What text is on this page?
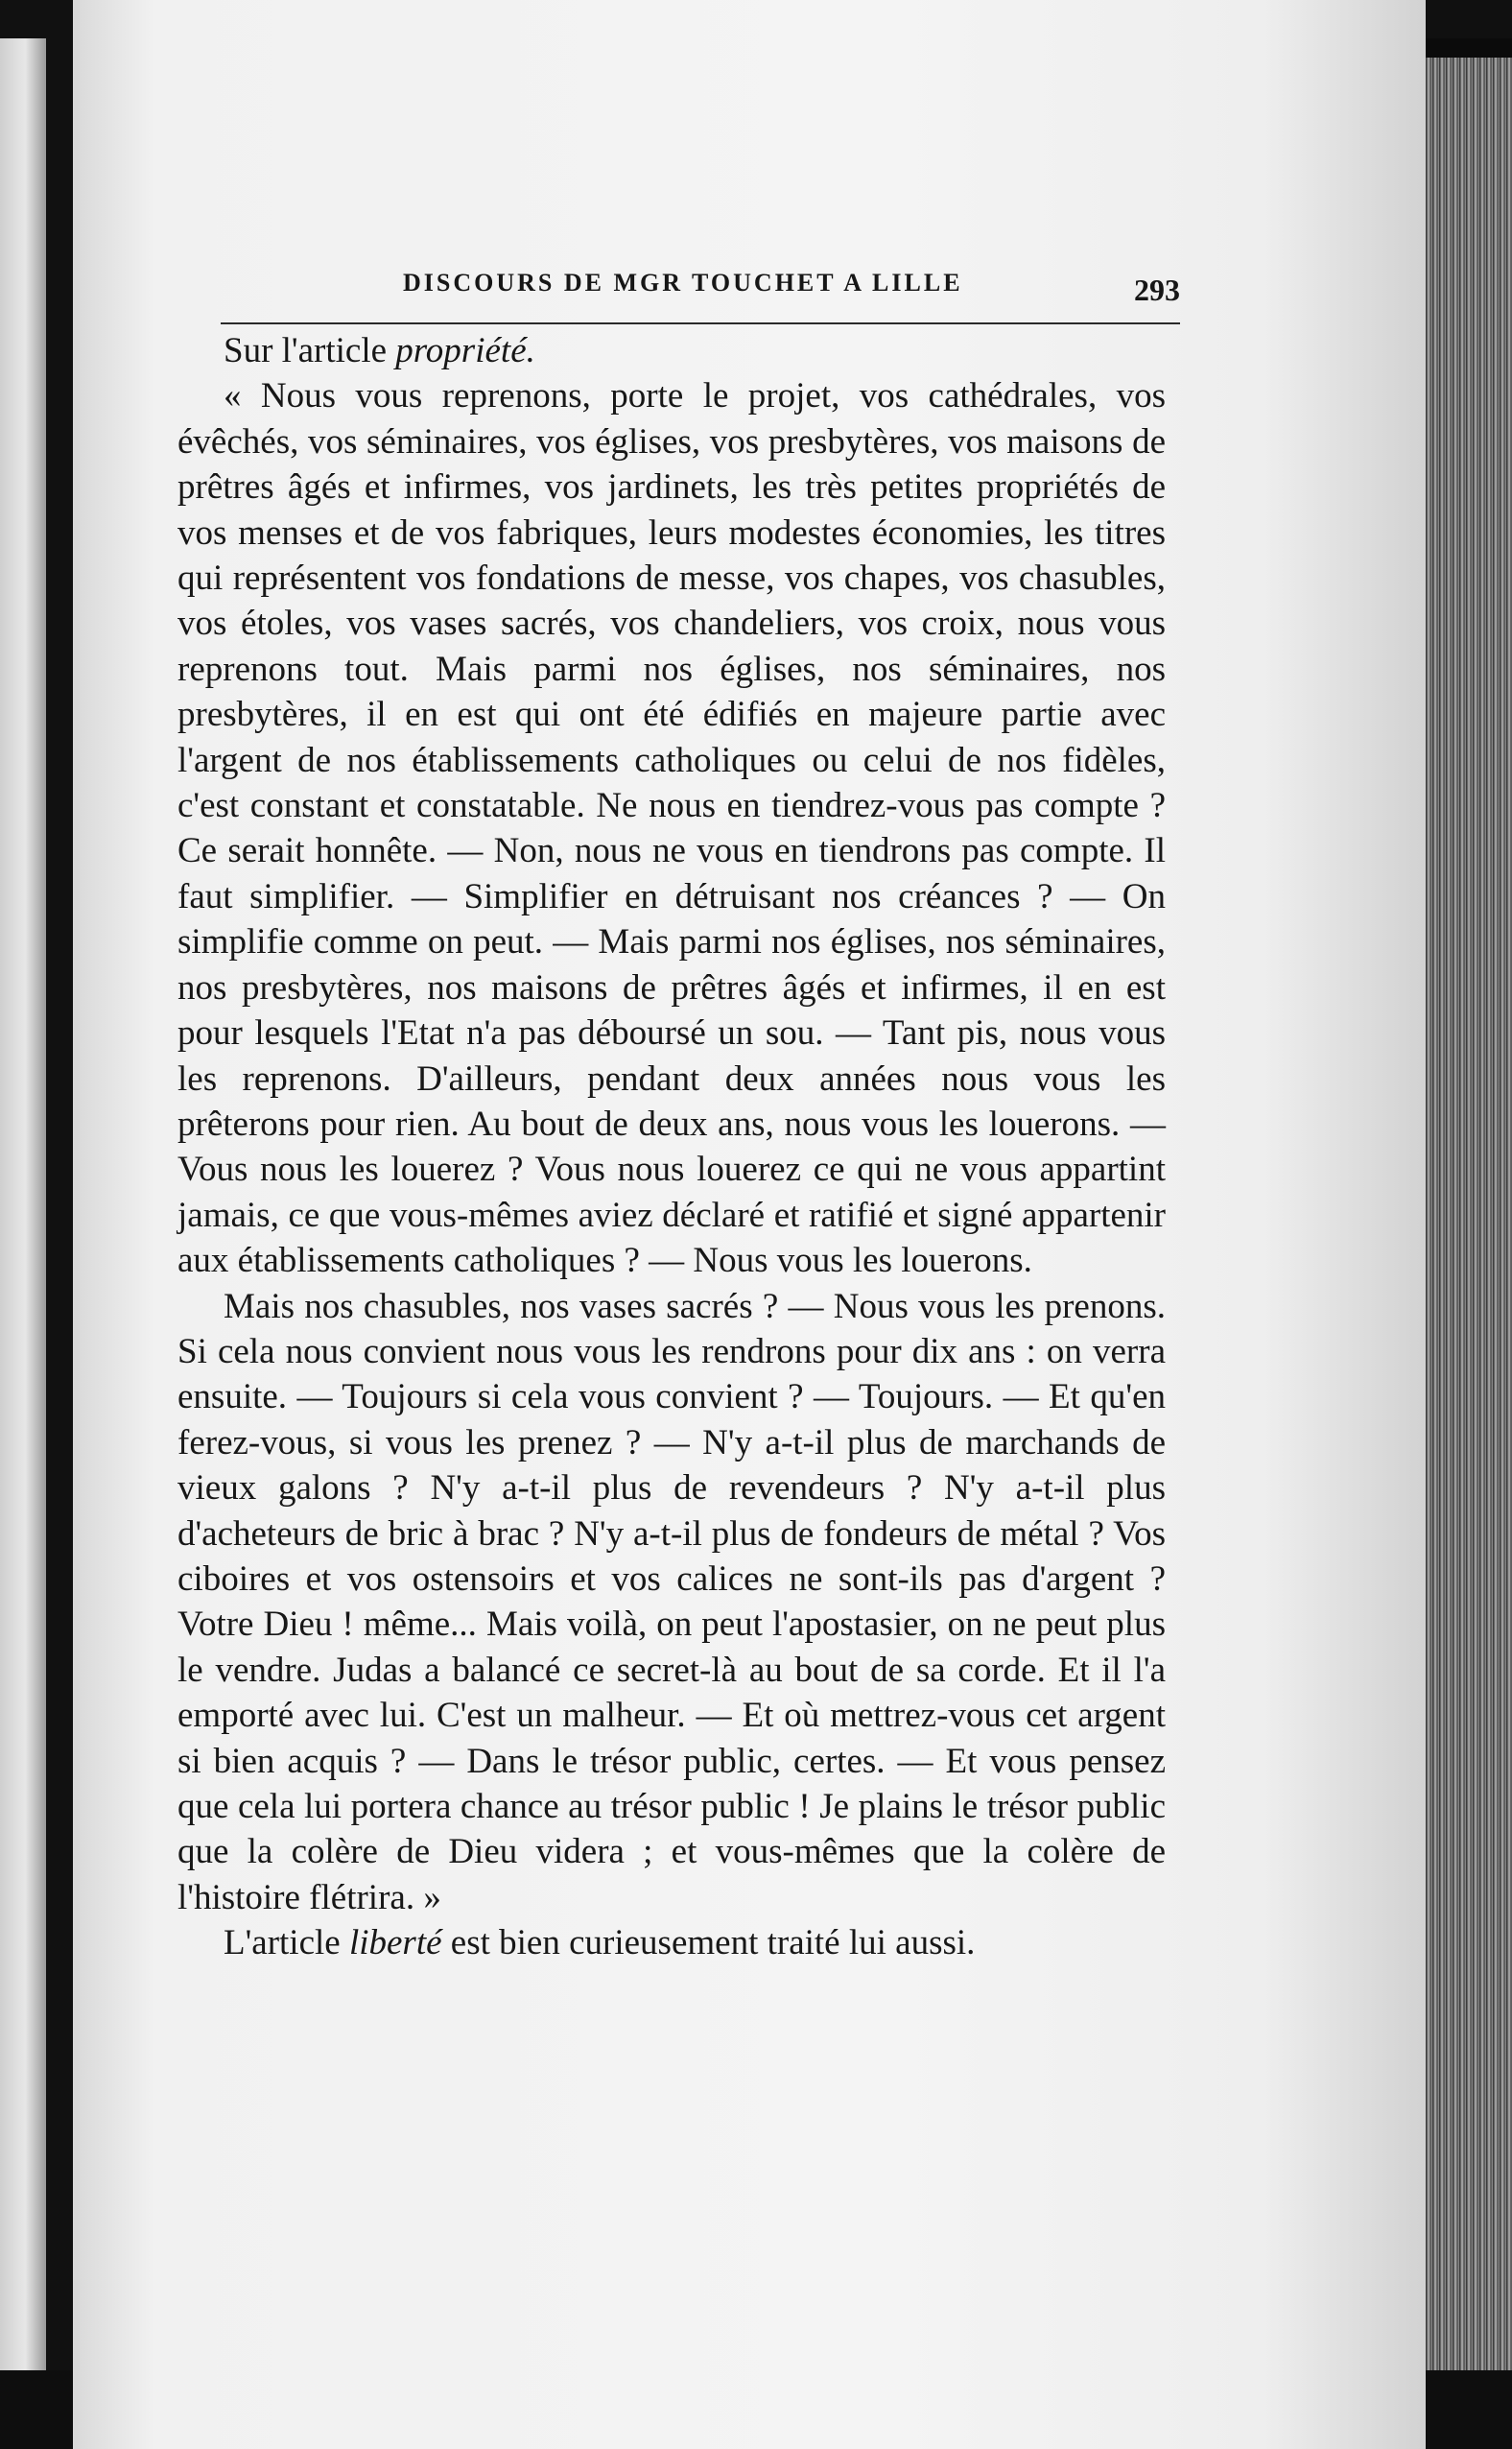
DISCOURS DE MGR TOUCHET A LILLE	293

Sur l'article propriété.

« Nous vous reprenons, porte le projet, vos cathédrales, vos évêchés, vos séminaires, vos églises, vos presbytères, vos maisons de prêtres âgés et infirmes, vos jardinets, les très petites propriétés de vos menses et de vos fabriques, leurs modestes économies, les titres qui représentent vos fondations de messe, vos chapes, vos chasubles, vos étoles, vos vases sacrés, vos chandeliers, vos croix, nous vous reprenons tout. Mais parmi nos églises, nos séminaires, nos presbytères, il en est qui ont été édifiés en majeure partie avec l'argent de nos établissements catholiques ou celui de nos fidèles, c'est constant et constatable. Ne nous en tiendrez-vous pas compte ? Ce serait honnête. — Non, nous ne vous en tiendrons pas compte. Il faut simplifier. — Simplifier en détruisant nos créances ? — On simplifie comme on peut. — Mais parmi nos églises, nos séminaires, nos presbytères, nos maisons de prêtres âgés et infirmes, il en est pour lesquels l'Etat n'a pas déboursé un sou. — Tant pis, nous vous les reprenons. D'ailleurs, pendant deux années nous vous les prêterons pour rien. Au bout de deux ans, nous vous les louerons. — Vous nous les louerez ? Vous nous louerez ce qui ne vous appartint jamais, ce que vous-mêmes aviez déclaré et ratifié et signé appartenir aux établissements catholiques ? — Nous vous les louerons.

Mais nos chasubles, nos vases sacrés ? — Nous vous les prenons. Si cela nous convient nous vous les rendrons pour dix ans : on verra ensuite. — Toujours si cela vous convient ? — Toujours. — Et qu'en ferez-vous, si vous les prenez ? — N'y a-t-il plus de marchands de vieux galons ? N'y a-t-il plus de revendeurs ? N'y a-t-il plus d'acheteurs de bric à brac ? N'y a-t-il plus de fondeurs de métal ? Vos ciboires et vos ostensoirs et vos calices ne sont-ils pas d'argent ? Votre Dieu ! même... Mais voilà, on peut l'apostasier, on ne peut plus le vendre. Judas a balancé ce secret-là au bout de sa corde. Et il l'a emporté avec lui. C'est un malheur. — Et où mettrez-vous cet argent si bien acquis ? — Dans le trésor public, certes. — Et vous pensez que cela lui portera chance au trésor public ! Je plains le trésor public que la colère de Dieu videra ; et vous-mêmes que la colère de l'histoire flétrira. »

L'article liberté est bien curieusement traité lui aussi.
